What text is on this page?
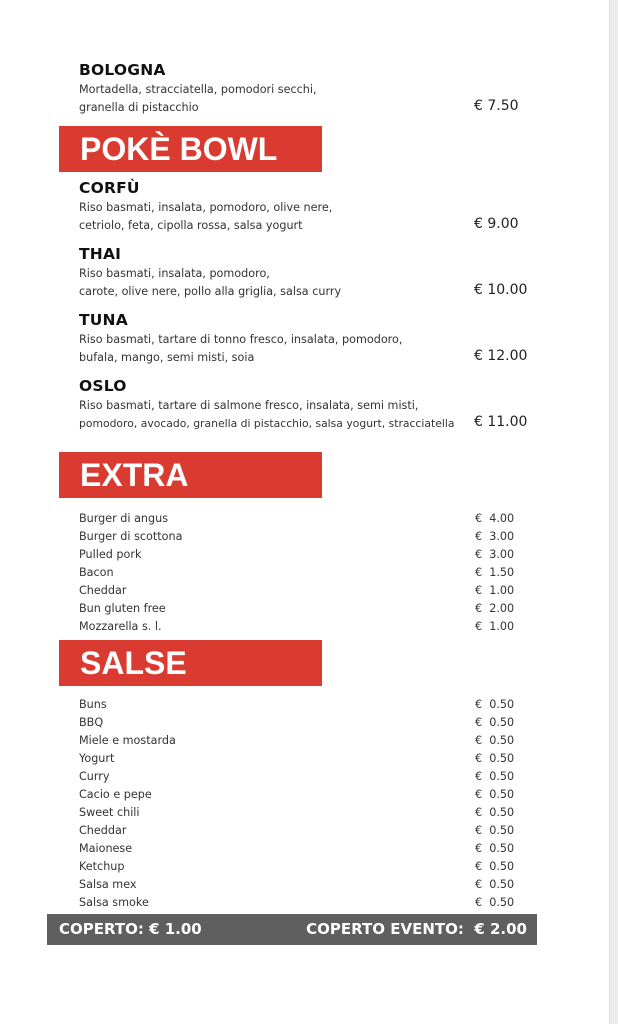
BOLOGNA
Mortadella, stracciatella, pomodori secchi,
granella di pistacchio	€ 7.50
POKÈ BOWL
CORFÙ
Riso basmati, insalata, pomodoro, olive nere,
cetriolo, feta, cipolla rossa, salsa yogurt	€ 9.00
THAI
Riso basmati, insalata, pomodoro,
carote, olive nere, pollo alla griglia, salsa curry	€ 10.00
TUNA
Riso basmati, tartare di tonno fresco, insalata, pomodoro,
bufala, mango, semi misti, soia	€ 12.00
OSLO
Riso basmati, tartare di salmone fresco, insalata, semi misti,
pomodoro, avocado, granella di pistacchio, salsa yogurt, stracciatella € 11.00
EXTRA
Burger di angus	€  4.00
Burger di scottona	€  3.00
Pulled pork	€  3.00
Bacon	€  1.50
Cheddar	€  1.00
Bun gluten free	€  2.00
Mozzarella s. l.	€  1.00
SALSE
Buns	€  0.50
BBQ	€  0.50
Miele e mostarda	€  0.50
Yogurt	€  0.50
Curry	€  0.50
Cacio e pepe	€  0.50
Sweet chili	€  0.50
Cheddar	€  0.50
Maionese	€  0.50
Ketchup	€  0.50
Salsa mex	€  0.50
Salsa smoke	€  0.50
COPERTO: € 1.00	COPERTO EVENTO:  € 2.00
